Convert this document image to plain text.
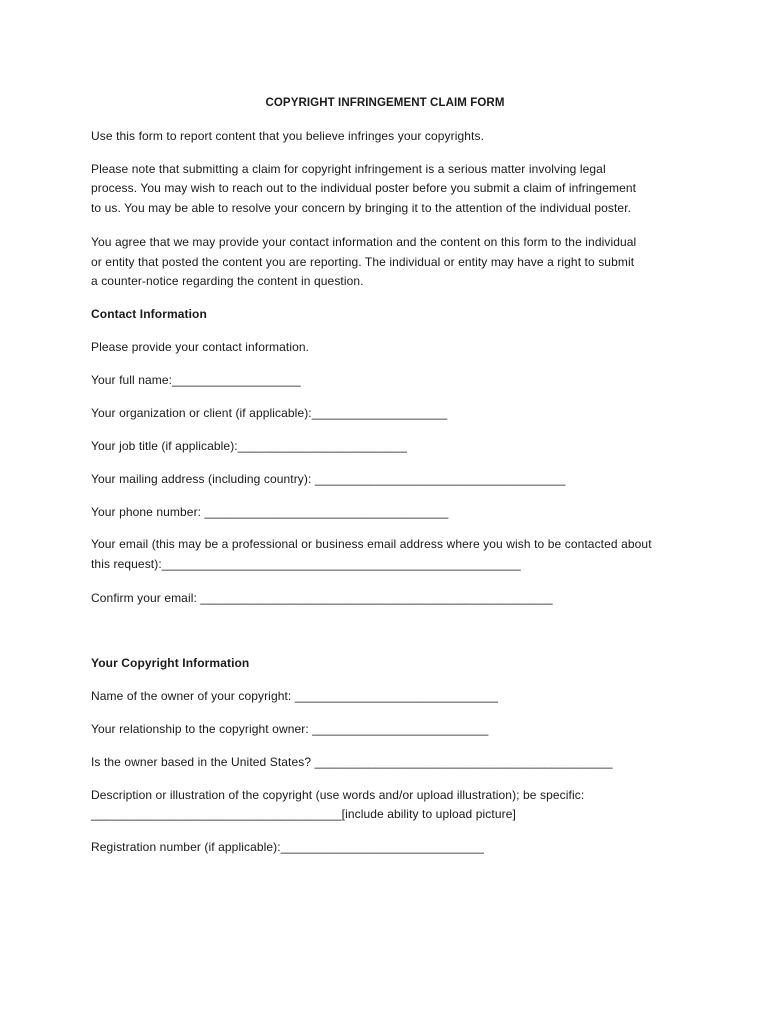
COPYRIGHT INFRINGEMENT CLAIM FORM
Use this form to report content that you believe infringes your copyrights.
Please note that submitting a claim for copyright infringement is a serious matter involving legal
process. You may wish to reach out to the individual poster before you submit a claim of infringement
to us. You may be able to resolve your concern by bringing it to the attention of the individual poster.
You agree that we may provide your contact information and the content on this form to the individual
or entity that posted the content you are reporting. The individual or entity may have a right to submit
a counter-notice regarding the content in question.
Contact Information
Please provide your contact information.
Your full name:___________________
Your organization or client (if applicable):____________________
Your job title (if applicable):_________________________
Your mailing address (including country): _____________________________________
Your phone number: ____________________________________
Your email (this may be a professional or business email address where you wish to be contacted about
this request):_____________________________________________________
Confirm your email: ____________________________________________________
Your Copyright Information
Name of the owner of your copyright: ______________________________
Your relationship to the copyright owner: __________________________
Is the owner based in the United States? ____________________________________________
Description or illustration of the copyright (use words and/or upload illustration); be specific:
_____________________________________[include ability to upload picture]
Registration number (if applicable):______________________________
